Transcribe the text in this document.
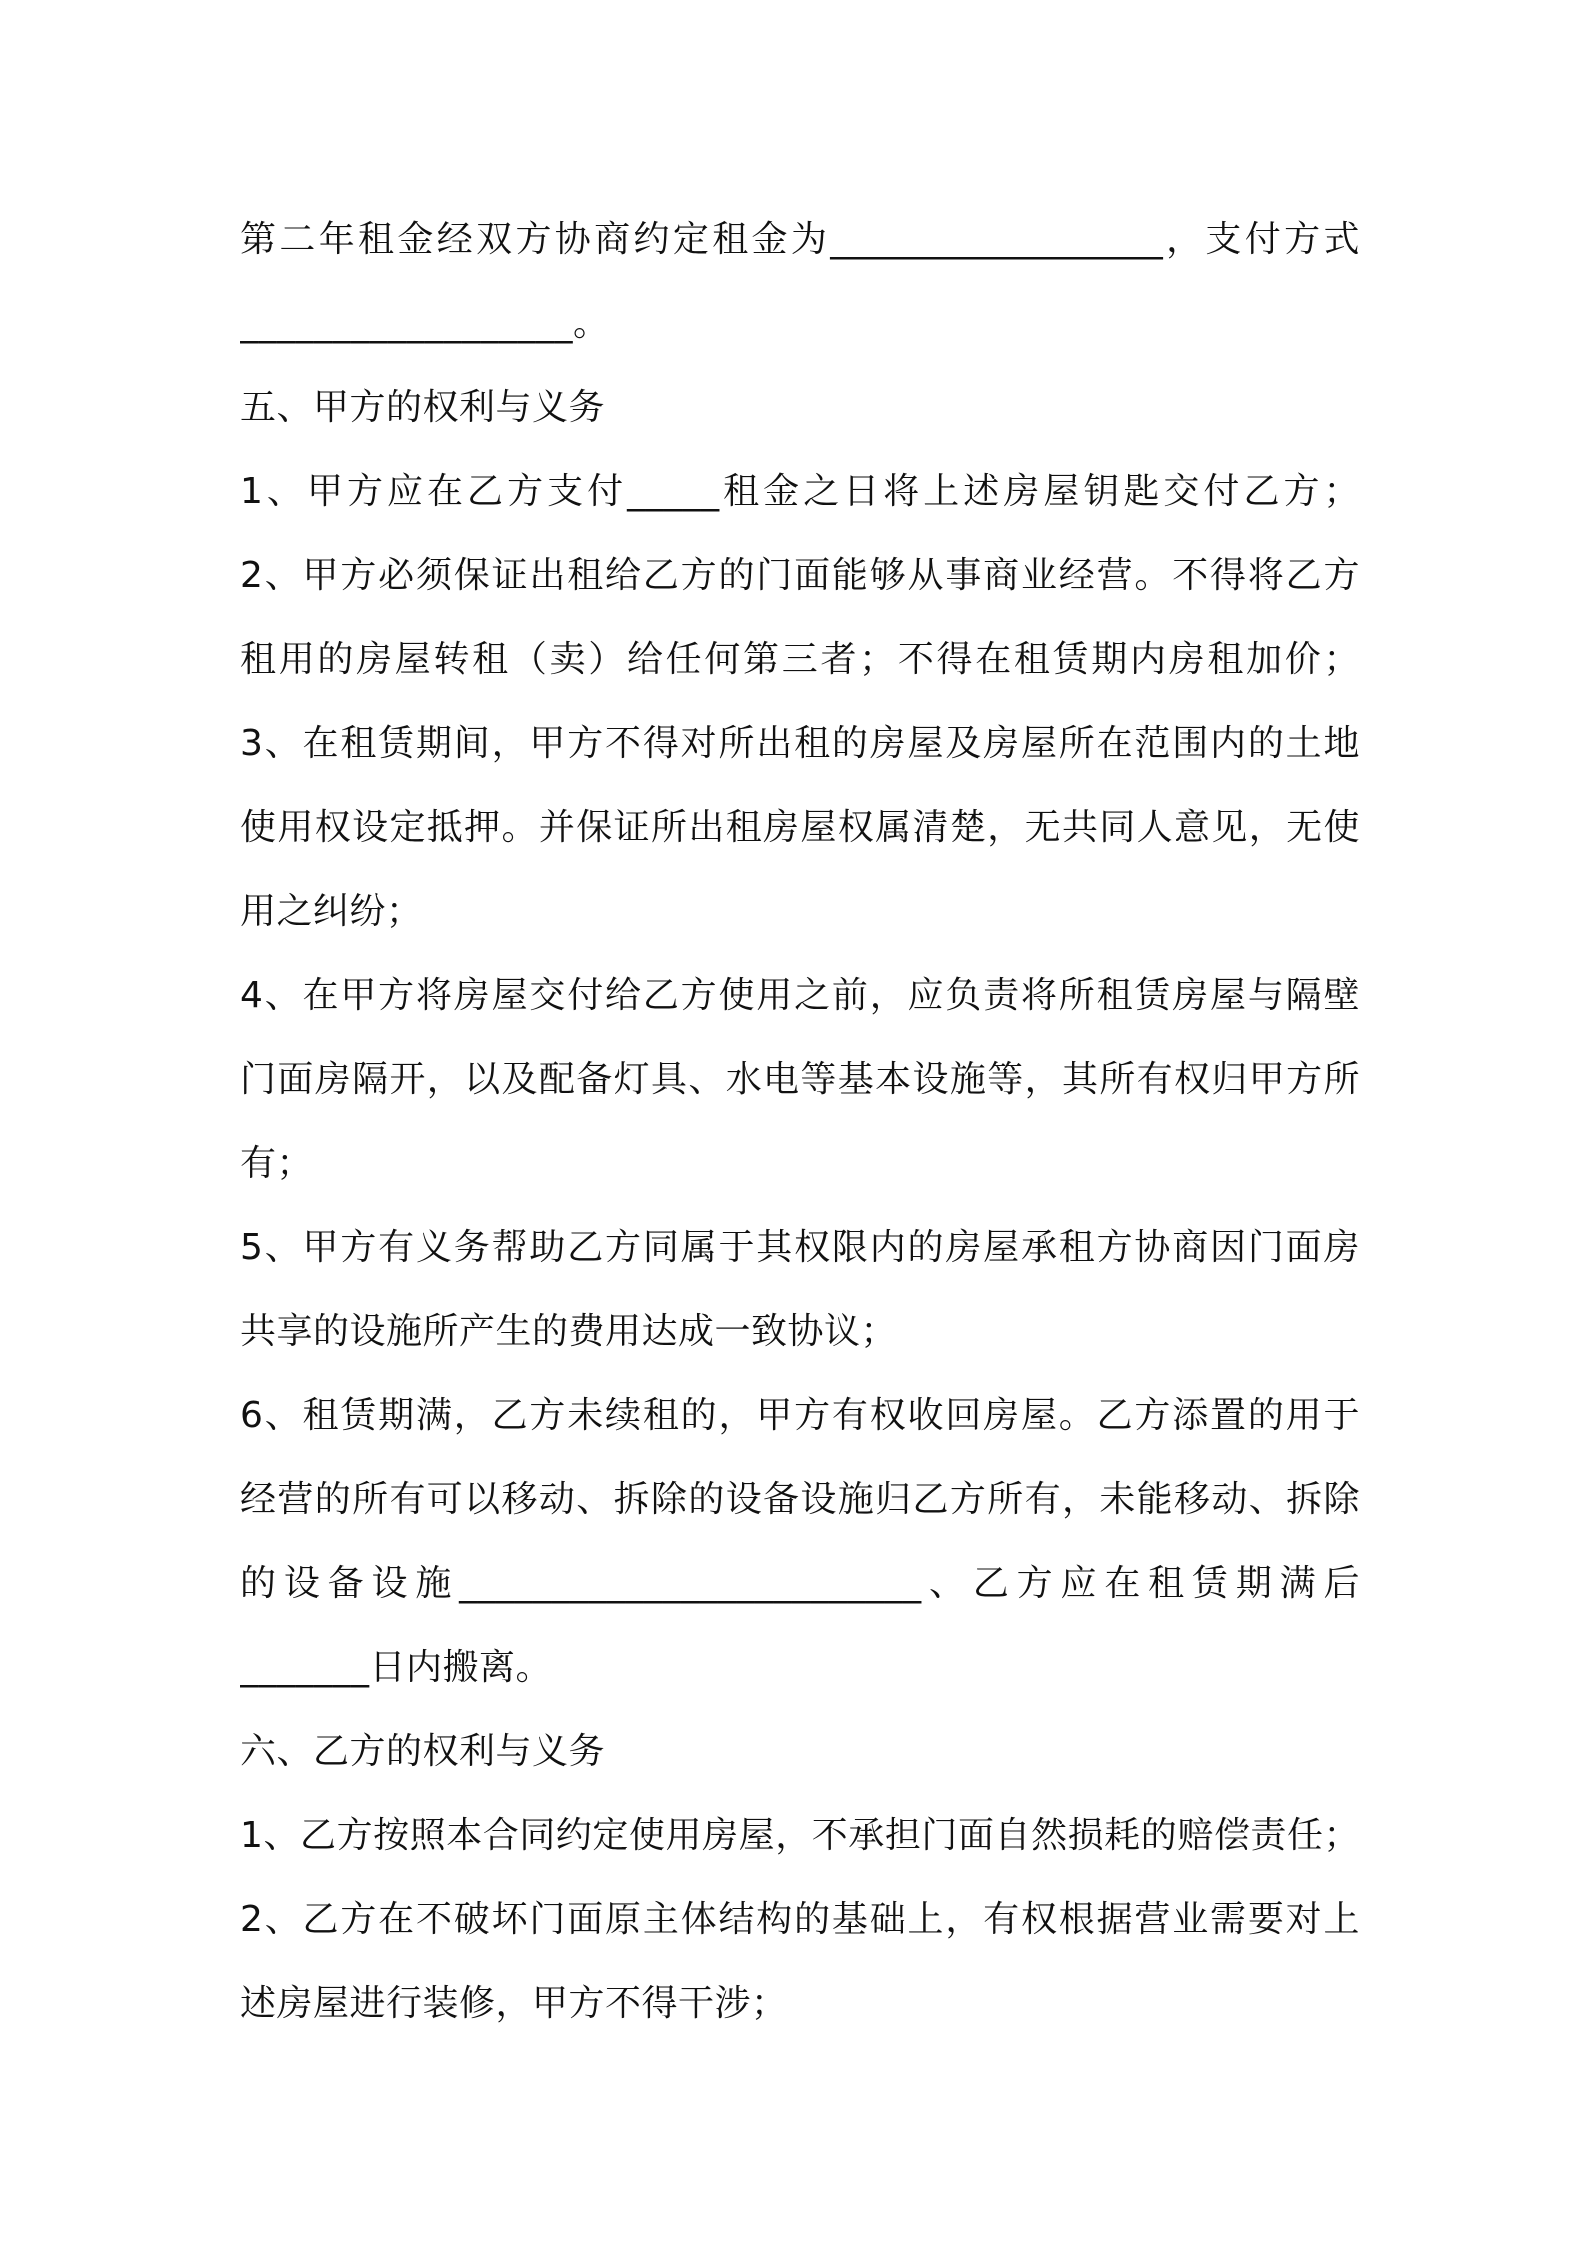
第二年租金经双方协商约定租金为__________________，支付方式
__________________。
五、甲方的权利与义务
1、甲方应在乙方支付_____租金之日将上述房屋钥匙交付乙方；
2、甲方必须保证出租给乙方的门面能够从事商业经营。不得将乙方
租用的房屋转租（卖）给任何第三者；不得在租赁期内房租加价；
3、在租赁期间，甲方不得对所出租的房屋及房屋所在范围内的土地
使用权设定抵押。并保证所出租房屋权属清楚，无共同人意见，无使
用之纠纷；
4、在甲方将房屋交付给乙方使用之前，应负责将所租赁房屋与隔壁
门面房隔开，以及配备灯具、水电等基本设施等，其所有权归甲方所
有；
5、甲方有义务帮助乙方同属于其权限内的房屋承租方协商因门面房
共享的设施所产生的费用达成一致协议；
6、租赁期满，乙方未续租的，甲方有权收回房屋。乙方添置的用于
经营的所有可以移动、拆除的设备设施归乙方所有，未能移动、拆除
的设备设施_________________________、乙方应在租赁期满后
_______日内搬离。
六、乙方的权利与义务
1、乙方按照本合同约定使用房屋，不承担门面自然损耗的赔偿责任；
2、乙方在不破坏门面原主体结构的基础上，有权根据营业需要对上
述房屋进行装修，甲方不得干涉；
